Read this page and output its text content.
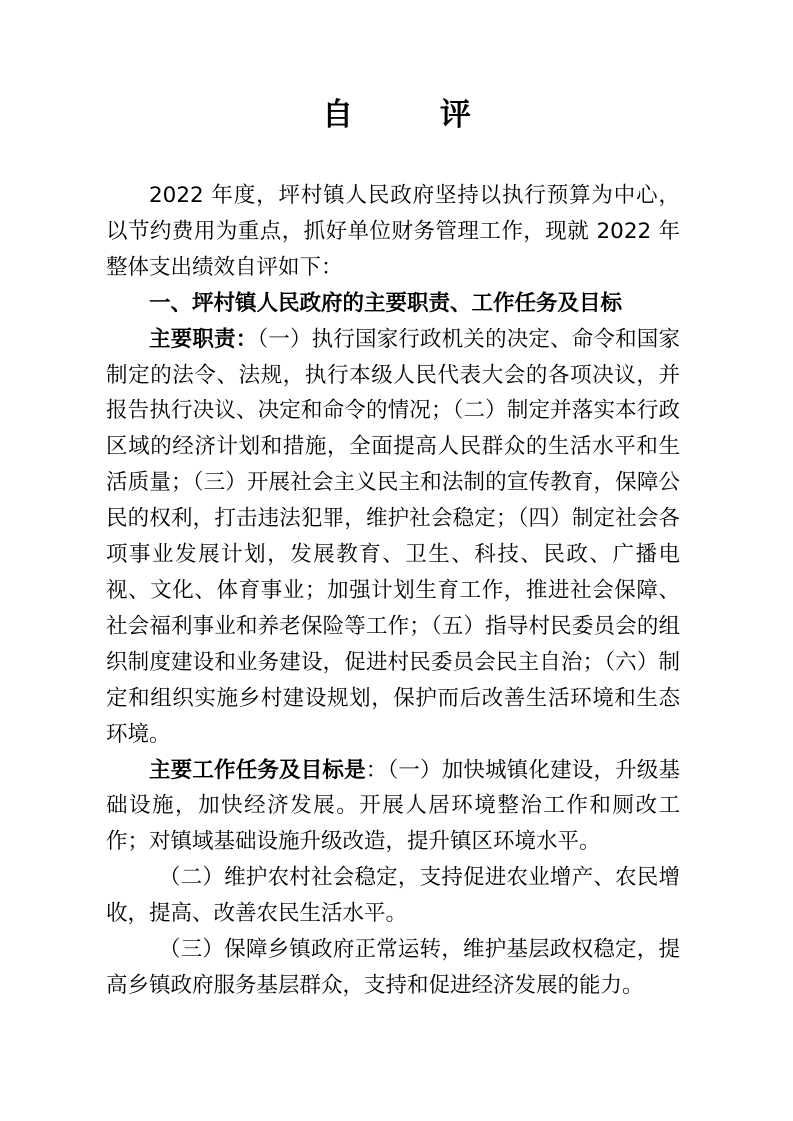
自 评

2022 年度，坪村镇人民政府坚持以执行预算为中心，以节约费用为重点，抓好单位财务管理工作，现就 2022 年整体支出绩效自评如下：

一、坪村镇人民政府的主要职责、工作任务及目标

主要职责：（一）执行国家行政机关的决定、命令和国家制定的法令、法规，执行本级人民代表大会的各项决议，并报告执行决议、决定和命令的情况；（二）制定并落实本行政区域的经济计划和措施，全面提高人民群众的生活水平和生活质量；（三）开展社会主义民主和法制的宣传教育，保障公民的权利，打击违法犯罪，维护社会稳定；（四）制定社会各项事业发展计划，发展教育、卫生、科技、民政、广播电视、文化、体育事业；加强计划生育工作，推进社会保障、社会福利事业和养老保险等工作；（五）指导村民委员会的组织制度建设和业务建设，促进村民委员会民主自治；（六）制定和组织实施乡村建设规划，保护而后改善生活环境和生态环境。

主要工作任务及目标是：（一）加快城镇化建设，升级基础设施，加快经济发展。开展人居环境整治工作和厕改工作；对镇域基础设施升级改造，提升镇区环境水平。

（二）维护农村社会稳定，支持促进农业增产、农民增收，提高、改善农民生活水平。

（三）保障乡镇政府正常运转，维护基层政权稳定，提高乡镇政府服务基层群众，支持和促进经济发展的能力。
